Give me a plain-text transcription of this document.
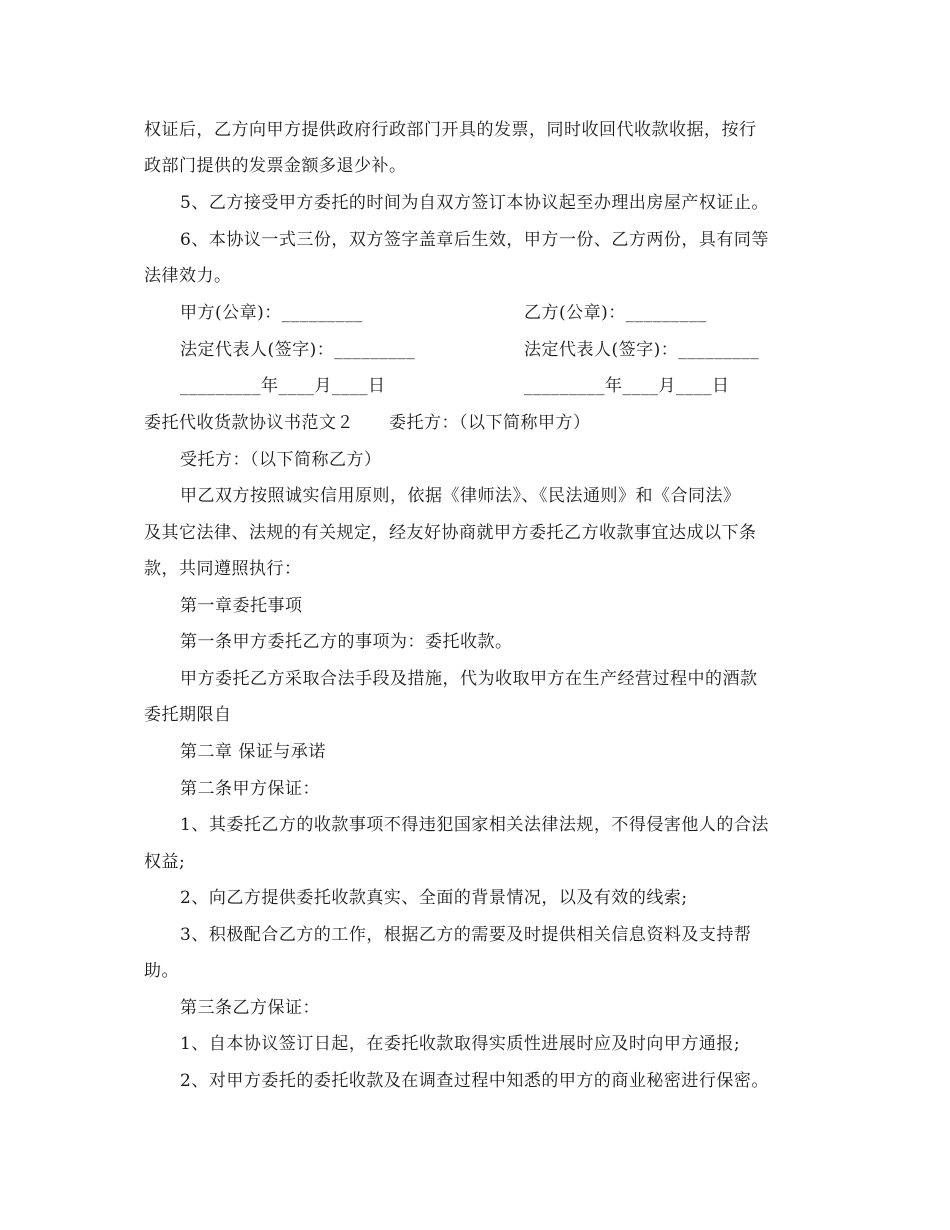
权证后，乙方向甲方提供政府行政部门开具的发票，同时收回代收款收据，按行
政部门提供的发票金额多退少补。
5、乙方接受甲方委托的时间为自双方签订本协议起至办理出房屋产权证止。
6、本协议一式三份，双方签字盖章后生效，甲方一份、乙方两份，具有同等
法律效力。
甲方(公章)：_________	乙方(公章)：_________
法定代表人(签字)：_________	法定代表人(签字)：_________
_________年____月____日	_________年____月____日
委托代收货款协议书范文２　　委托方：（以下简称甲方）
受托方：（以下简称乙方）
甲乙双方按照诚实信用原则，依据《律师法》、《民法通则》和《合同法》
及其它法律、法规的有关规定，经友好协商就甲方委托乙方收款事宜达成以下条
款，共同遵照执行：
第一章委托事项
第一条甲方委托乙方的事项为：委托收款。
甲方委托乙方采取合法手段及措施，代为收取甲方在生产经营过程中的酒款
委托期限自
第二章 保证与承诺
第二条甲方保证：
1、其委托乙方的收款事项不得违犯国家相关法律法规，不得侵害他人的合法
权益;
2、向乙方提供委托收款真实、全面的背景情况，以及有效的线索;
3、积极配合乙方的工作，根据乙方的需要及时提供相关信息资料及支持帮
助。
第三条乙方保证：
1、自本协议签订日起，在委托收款取得实质性进展时应及时向甲方通报;
2、对甲方委托的委托收款及在调查过程中知悉的甲方的商业秘密进行保密。
